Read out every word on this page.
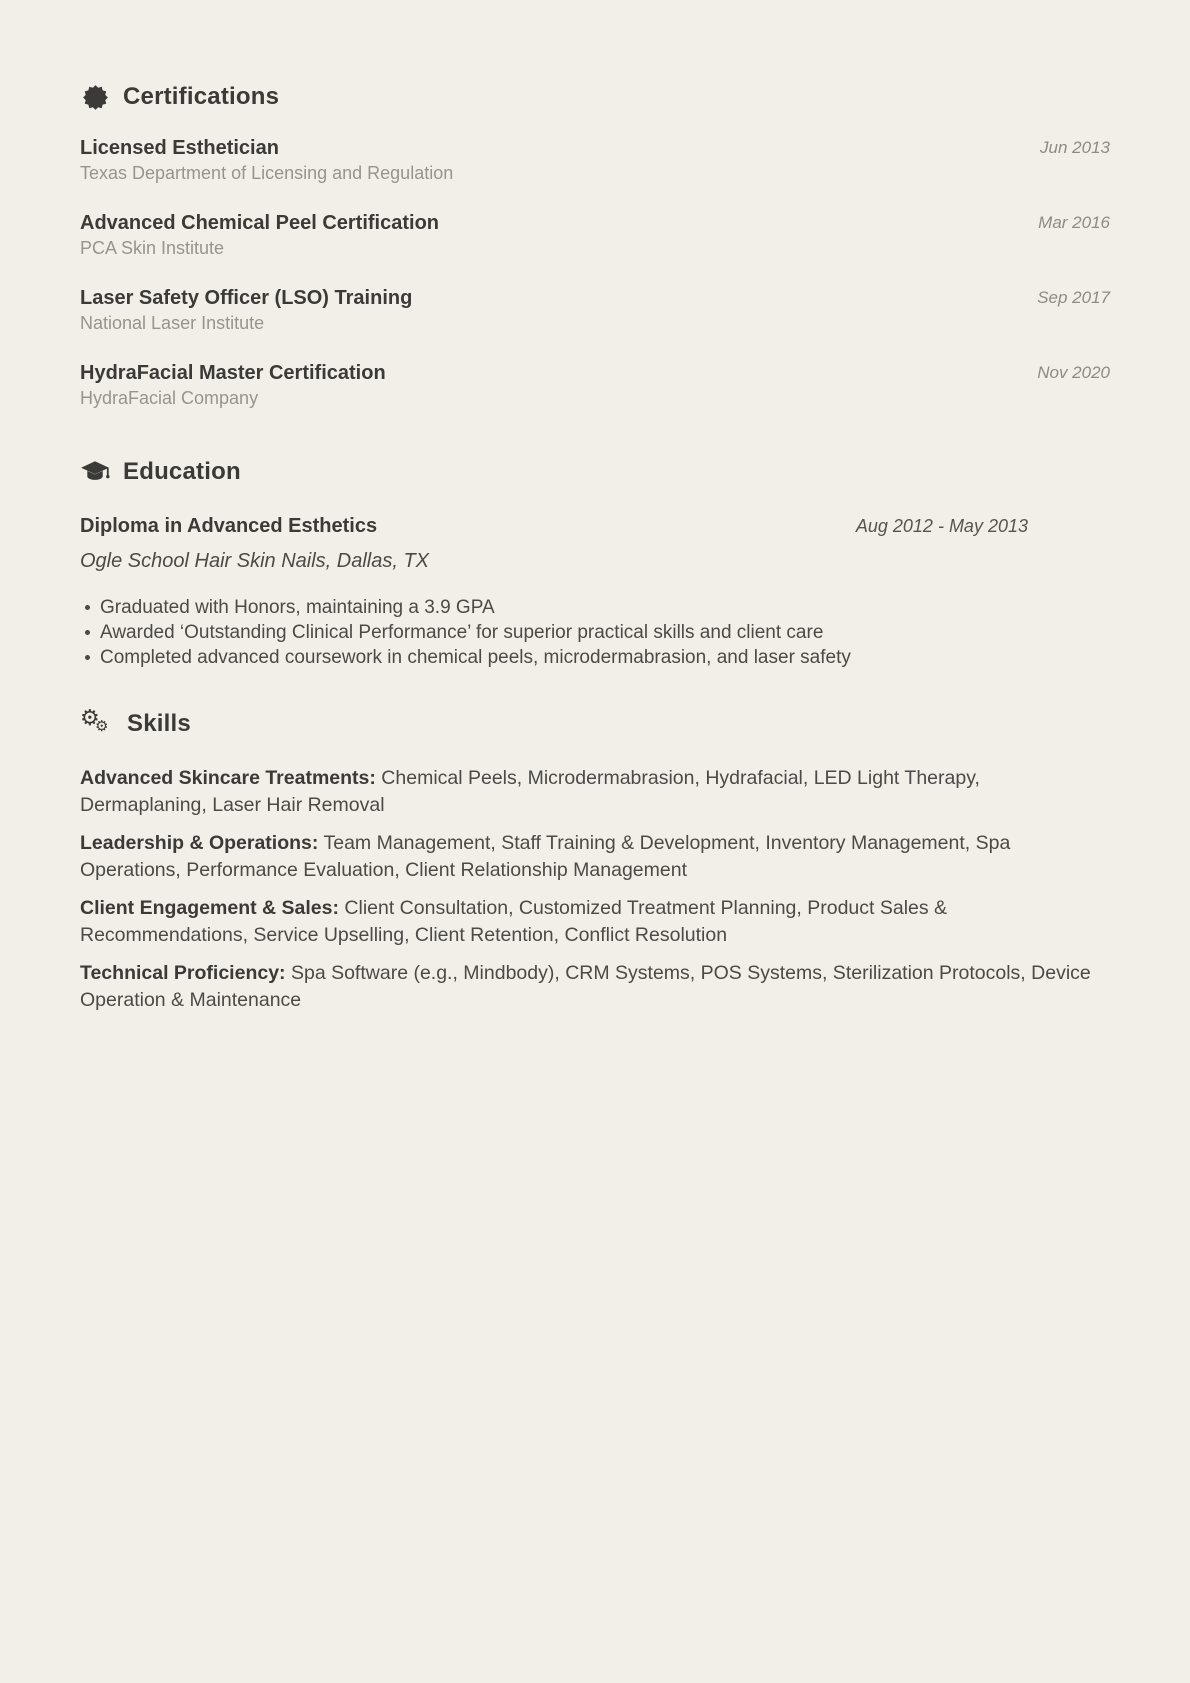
Certifications
Licensed Esthetician
Texas Department of Licensing and Regulation
Jun 2013
Advanced Chemical Peel Certification
PCA Skin Institute
Mar 2016
Laser Safety Officer (LSO) Training
National Laser Institute
Sep 2017
HydraFacial Master Certification
HydraFacial Company
Nov 2020
Education
Diploma in Advanced Esthetics	Aug 2012 - May 2013
Ogle School Hair Skin Nails, Dallas, TX
Graduated with Honors, maintaining a 3.9 GPA
Awarded ‘Outstanding Clinical Performance’ for superior practical skills and client care
Completed advanced coursework in chemical peels, microdermabrasion, and laser safety
⚙
⚙ Skills

Advanced Skincare Treatments: Chemical Peels, Microdermabrasion, Hydrafacial, LED Light Therapy, Dermaplaning, Laser Hair Removal

Leadership & Operations: Team Management, Staff Training & Development, Inventory Management, Spa Operations, Performance Evaluation, Client Relationship Management

Client Engagement & Sales: Client Consultation, Customized Treatment Planning, Product Sales & Recommendations, Service Upselling, Client Retention, Conflict Resolution

Technical Proficiency: Spa Software (e.g., Mindbody), CRM Systems, POS Systems, Sterilization Protocols, Device Operation & Maintenance
